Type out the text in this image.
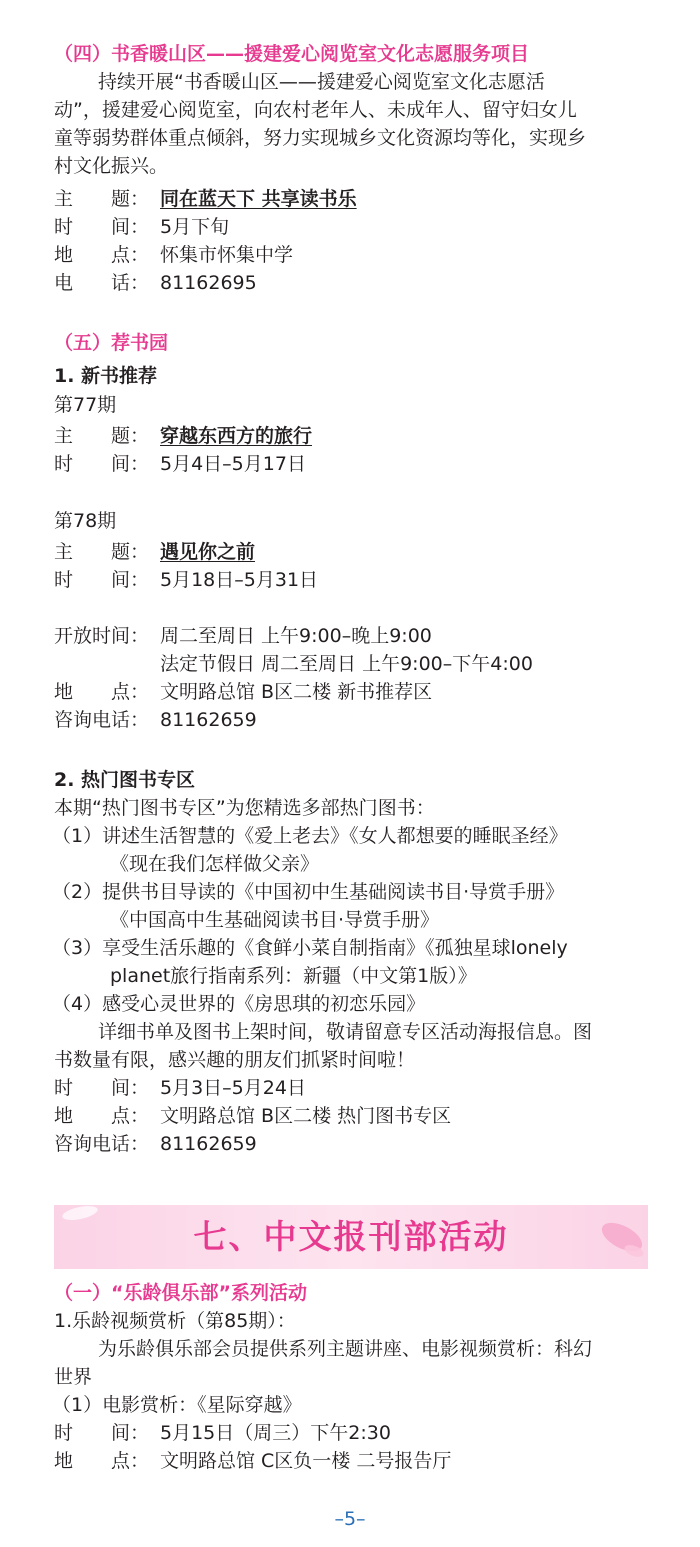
（四）书香暖山区——援建爱心阅览室文化志愿服务项目
持续开展“书香暖山区——援建爱心阅览室文化志愿活
动”，援建爱心阅览室，向农村老年人、未成年人、留守妇女儿
童等弱势群体重点倾斜，努力实现城乡文化资源均等化，实现乡
村文化振兴。
主　　题： 同在蓝天下 共享读书乐
时　　间： 5月下旬
地　　点： 怀集市怀集中学
电　　话： 81162695
（五）荐书园
1. 新书推荐
第77期
主　　题： 穿越东西方的旅行
时　　间： 5月4日–5月17日
第78期
主　　题： 遇见你之前
时　　间： 5月18日–5月31日
开放时间： 周二至周日 上午9:00–晚上9:00
法定节假日 周二至周日 上午9:00–下午4:00
地　　点： 文明路总馆 B区二楼 新书推荐区
咨询电话： 81162659
2. 热门图书专区
本期“热门图书专区”为您精选多部热门图书：
（1）讲述生活智慧的《爱上老去》《女人都想要的睡眠圣经》
《现在我们怎样做父亲》
（2）提供书目导读的《中国初中生基础阅读书目·导赏手册》
《中国高中生基础阅读书目·导赏手册》
（3）享受生活乐趣的《食鲜小菜自制指南》《孤独星球lonely
planet旅行指南系列：新疆（中文第1版）》
（4）感受心灵世界的《房思琪的初恋乐园》
详细书单及图书上架时间，敬请留意专区活动海报信息。图
书数量有限，感兴趣的朋友们抓紧时间啦！
时　　间： 5月3日–5月24日
地　　点： 文明路总馆 B区二楼 热门图书专区
咨询电话： 81162659
七、中文报刊部活动
（一）“乐龄俱乐部”系列活动
1.乐龄视频赏析（第85期）：
为乐龄俱乐部会员提供系列主题讲座、电影视频赏析：科幻
世界
（1）电影赏析：《星际穿越》
时　　间： 5月15日（周三）下午2:30
地　　点： 文明路总馆 C区负一楼 二号报告厅
–5–
